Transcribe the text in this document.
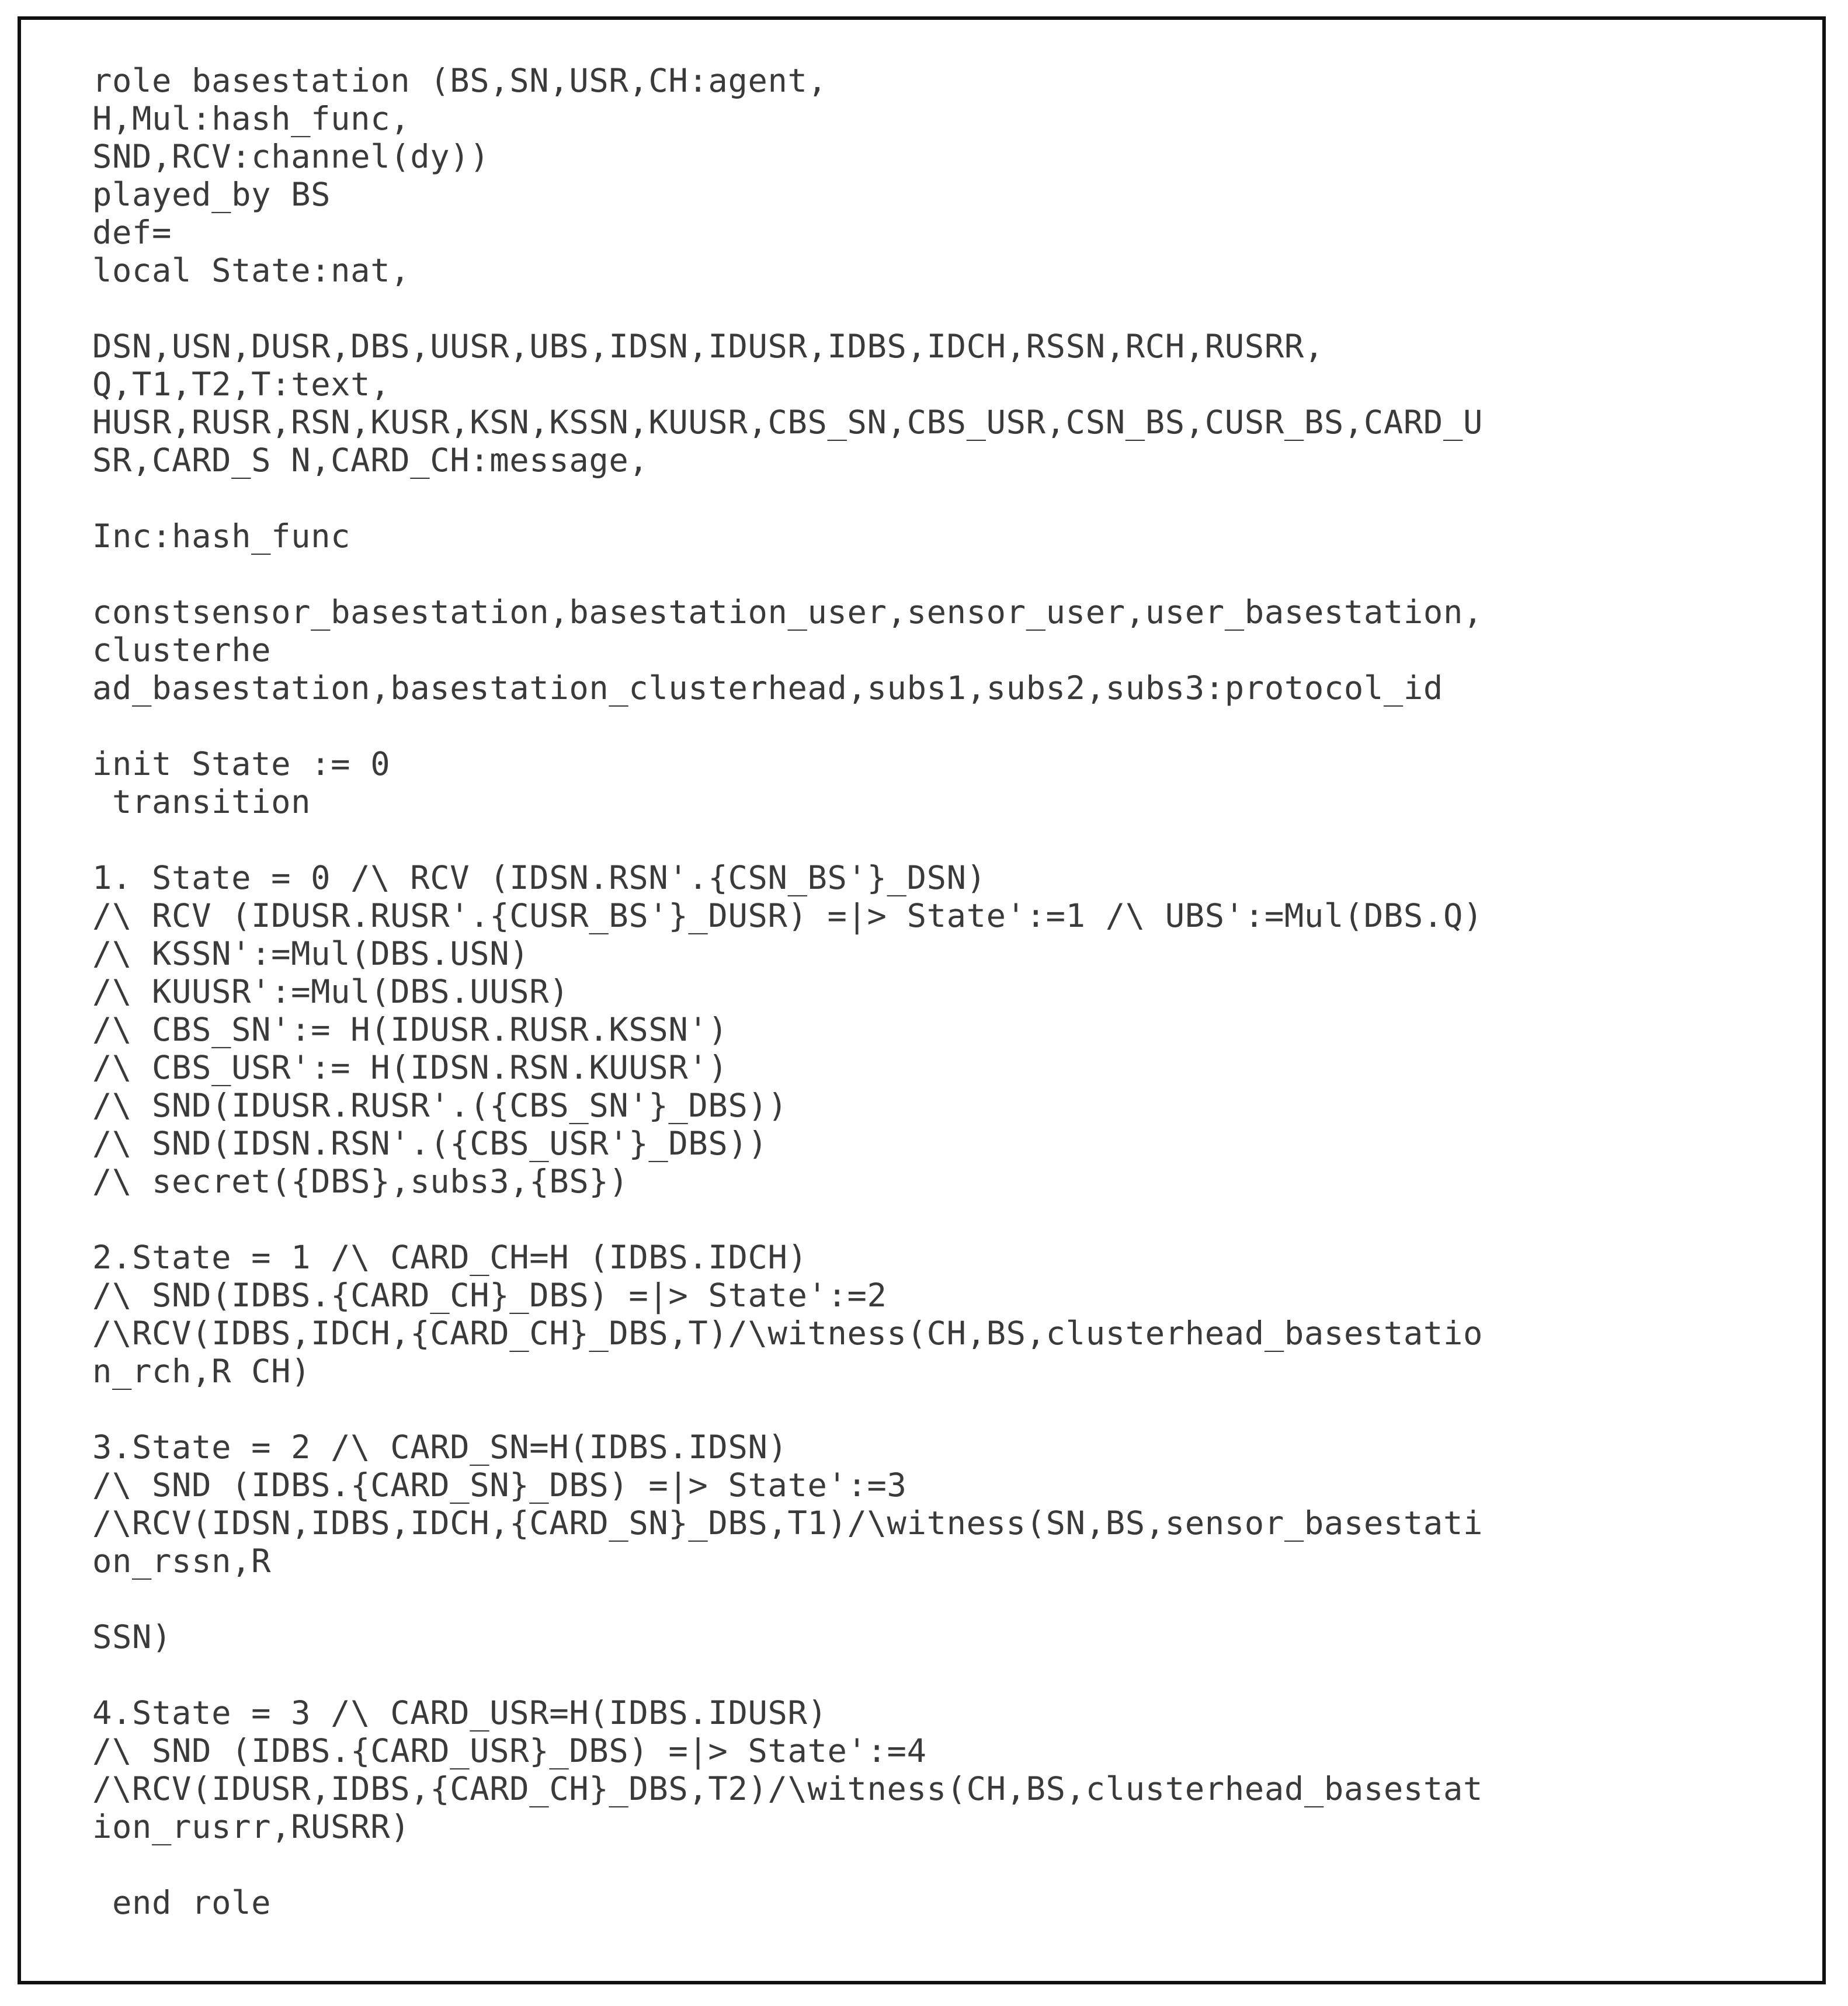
role basestation (BS,SN,USR,CH:agent,
H,Mul:hash_func,
SND,RCV:channel(dy))
played_by BS
def=
local State:nat,
DSN,USN,DUSR,DBS,UUSR,UBS,IDSN,IDUSR,IDBS,IDCH,RSSN,RCH,RUSRR,
Q,T1,T2,T:text,
HUSR,RUSR,RSN,KUSR,KSN,KSSN,KUUSR,CBS_SN,CBS_USR,CSN_BS,CUSR_BS,CARD_U
SR,CARD_S N,CARD_CH:message,
Inc:hash_func
constsensor_basestation,basestation_user,sensor_user,user_basestation,
clusterhe
ad_basestation,basestation_clusterhead,subs1,subs2,subs3:protocol_id
init State := 0
transition
1. State = 0 /\ RCV (IDSN.RSN'.{CSN_BS'}_DSN)
/\ RCV (IDUSR.RUSR'.{CUSR_BS'}_DUSR) =|> State':=1 /\ UBS':=Mul(DBS.Q)
/\ KSSN':=Mul(DBS.USN)
/\ KUUSR':=Mul(DBS.UUSR)
/\ CBS_SN':= H(IDUSR.RUSR.KSSN')
/\ CBS_USR':= H(IDSN.RSN.KUUSR')
/\ SND(IDUSR.RUSR'.({CBS_SN'}_DBS))
/\ SND(IDSN.RSN'.({CBS_USR'}_DBS))
/\ secret({DBS},subs3,{BS})
2.State = 1 /\ CARD_CH=H (IDBS.IDCH)
/\ SND(IDBS.{CARD_CH}_DBS) =|> State':=2
/\RCV(IDBS,IDCH,{CARD_CH}_DBS,T)/\witness(CH,BS,clusterhead_basestatio
n_rch,R CH)
3.State = 2 /\ CARD_SN=H(IDBS.IDSN)
/\ SND (IDBS.{CARD_SN}_DBS) =|> State':=3
/\RCV(IDSN,IDBS,IDCH,{CARD_SN}_DBS,T1)/\witness(SN,BS,sensor_basestati
on_rssn,R
SSN)
4.State = 3 /\ CARD_USR=H(IDBS.IDUSR)
/\ SND (IDBS.{CARD_USR}_DBS) =|> State':=4
/\RCV(IDUSR,IDBS,{CARD_CH}_DBS,T2)/\witness(CH,BS,clusterhead_basestat
ion_rusrr,RUSRR)
end role
